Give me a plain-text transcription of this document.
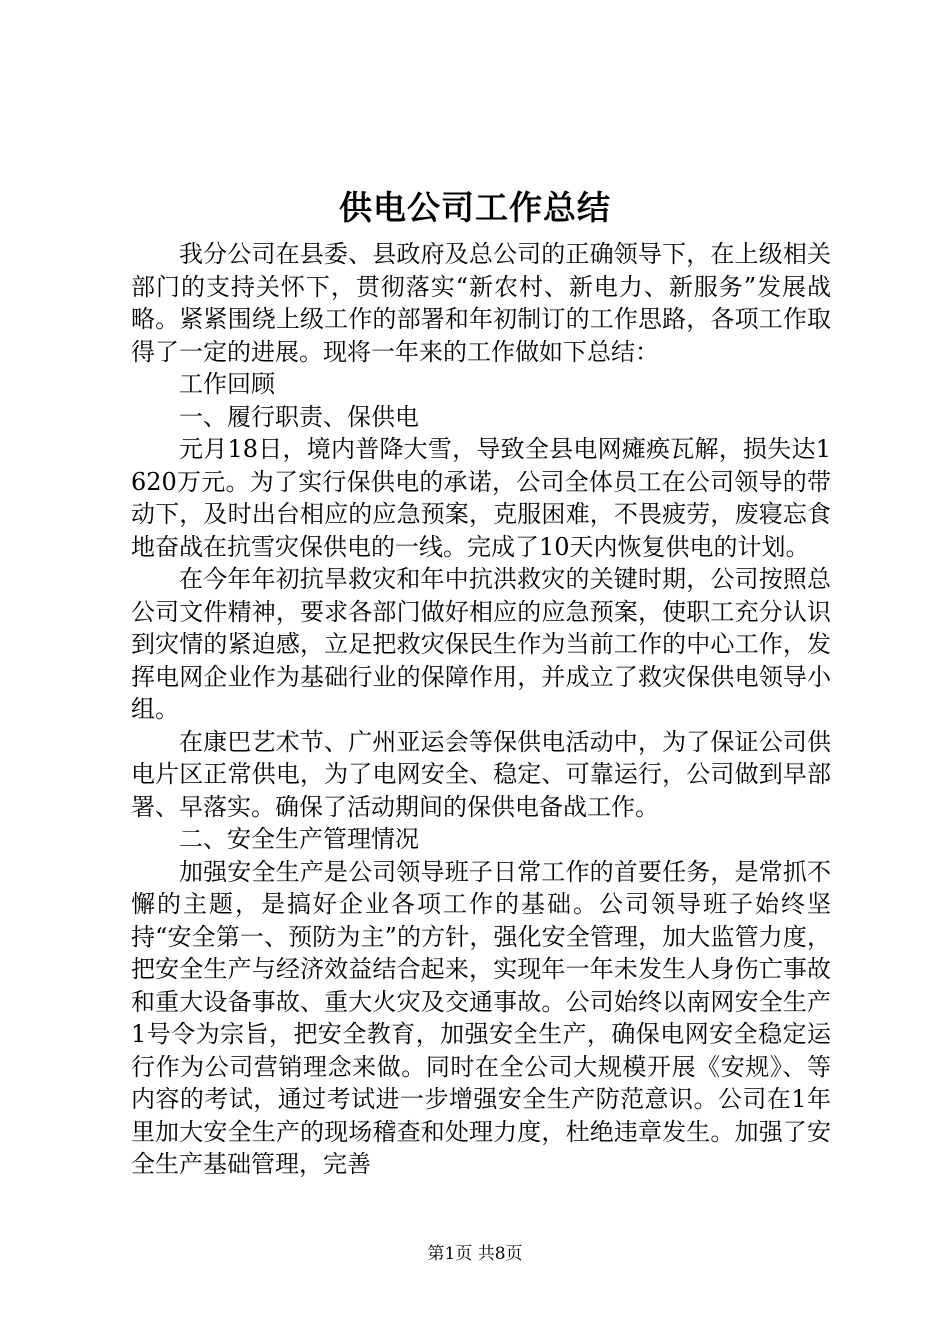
供电公司工作总结

我分公司在县委、县政府及总公司的正确领导下，在上级相关部门的支持关怀下，贯彻落实“新农村、新电力、新服务”发展战略。紧紧围绕上级工作的部署和年初制订的工作思路，各项工作取得了一定的进展。现将一年来的工作做如下总结：

工作回顾

一、履行职责、保供电

元月18日，境内普降大雪，导致全县电网瘫痪瓦解，损失达1620万元。为了实行保供电的承诺，公司全体员工在公司领导的带动下，及时出台相应的应急预案，克服困难，不畏疲劳，废寝忘食地奋战在抗雪灾保供电的一线。完成了10天内恢复供电的计划。

在今年年初抗旱救灾和年中抗洪救灾的关键时期，公司按照总公司文件精神，要求各部门做好相应的应急预案，使职工充分认识到灾情的紧迫感，立足把救灾保民生作为当前工作的中心工作，发挥电网企业作为基础行业的保障作用，并成立了救灾保供电领导小组。

在康巴艺术节、广州亚运会等保供电活动中，为了保证公司供电片区正常供电，为了电网安全、稳定、可靠运行，公司做到早部署、早落实。确保了活动期间的保供电备战工作。

二、安全生产管理情况

加强安全生产是公司领导班子日常工作的首要任务，是常抓不懈的主题，是搞好企业各项工作的基础。公司领导班子始终坚持“安全第一、预防为主”的方针，强化安全管理，加大监管力度，把安全生产与经济效益结合起来，实现年一年未发生人身伤亡事故和重大设备事故、重大火灾及交通事故。公司始终以南网安全生产1号令为宗旨，把安全教育，加强安全生产，确保电网安全稳定运行作为公司营销理念来做。同时在全公司大规模开展《安规》、等内容的考试，通过考试进一步增强安全生产防范意识。公司在1年里加大安全生产的现场稽查和处理力度，杜绝违章发生。加强了安全生产基础管理，完善

第1页 共8页
